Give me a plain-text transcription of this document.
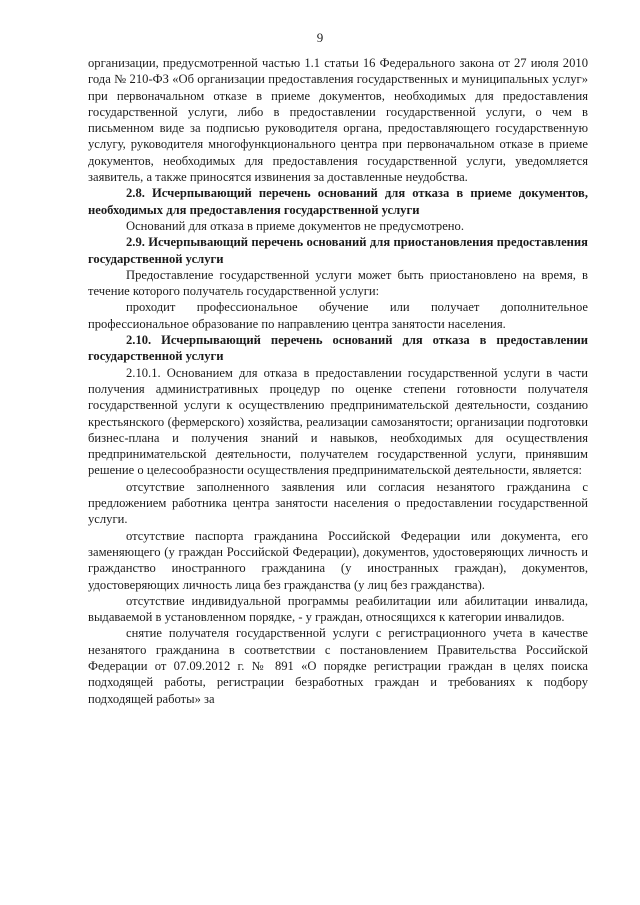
9

организации, предусмотренной частью 1.1 статьи 16 Федерального закона от 27 июля 2010 года № 210-ФЗ «Об организации предоставления государственных и муниципальных услуг» при первоначальном отказе в приеме документов, необходимых для предоставления государственной услуги, либо в предоставлении государственной услуги, о чем в письменном виде за подписью руководителя органа, предоставляющего государственную услугу, руководителя многофункционального центра при первоначальном отказе в приеме документов, необходимых для предоставления государственной услуги, уведомляется заявитель, а также приносятся извинения за доставленные неудобства.

2.8. Исчерпывающий перечень оснований для отказа в приеме документов, необходимых для предоставления государственной услуги

Оснований для отказа в приеме документов не предусмотрено.

2.9. Исчерпывающий перечень оснований для приостановления предоставления государственной услуги

Предоставление государственной услуги может быть приостановлено на время, в течение которого получатель государственной услуги:

проходит профессиональное обучение или получает дополнительное профессиональное образование по направлению центра занятости населения.

2.10. Исчерпывающий перечень оснований для отказа в предоставлении государственной услуги

2.10.1. Основанием для отказа в предоставлении государственной услуги в части получения административных процедур по оценке степени готовности получателя государственной услуги к осуществлению предпринимательской деятельности, созданию крестьянского (фермерского) хозяйства, реализации самозанятости; организации подготовки бизнес-плана и получения знаний и навыков, необходимых для осуществления предпринимательской деятельности, получателем государственной услуги, принявшим решение о целесообразности осуществления предпринимательской деятельности, является:

отсутствие заполненного заявления или согласия незанятого гражданина с предложением работника центра занятости населения о предоставлении государственной услуги.

отсутствие паспорта гражданина Российской Федерации или документа, его заменяющего (у граждан Российской Федерации), документов, удостоверяющих личность и гражданство иностранного гражданина (у иностранных граждан), документов, удостоверяющих личность лица без гражданства (у лиц без гражданства).

отсутствие индивидуальной программы реабилитации или абилитации инвалида, выдаваемой в установленном порядке, - у граждан, относящихся к категории инвалидов.

снятие получателя государственной услуги с регистрационного учета в качестве незанятого гражданина в соответствии с постановлением Правительства Российской Федерации от 07.09.2012 г. № 891 «О порядке регистрации граждан в целях поиска подходящей работы, регистрации безработных граждан и требованиях к подбору подходящей работы» за
